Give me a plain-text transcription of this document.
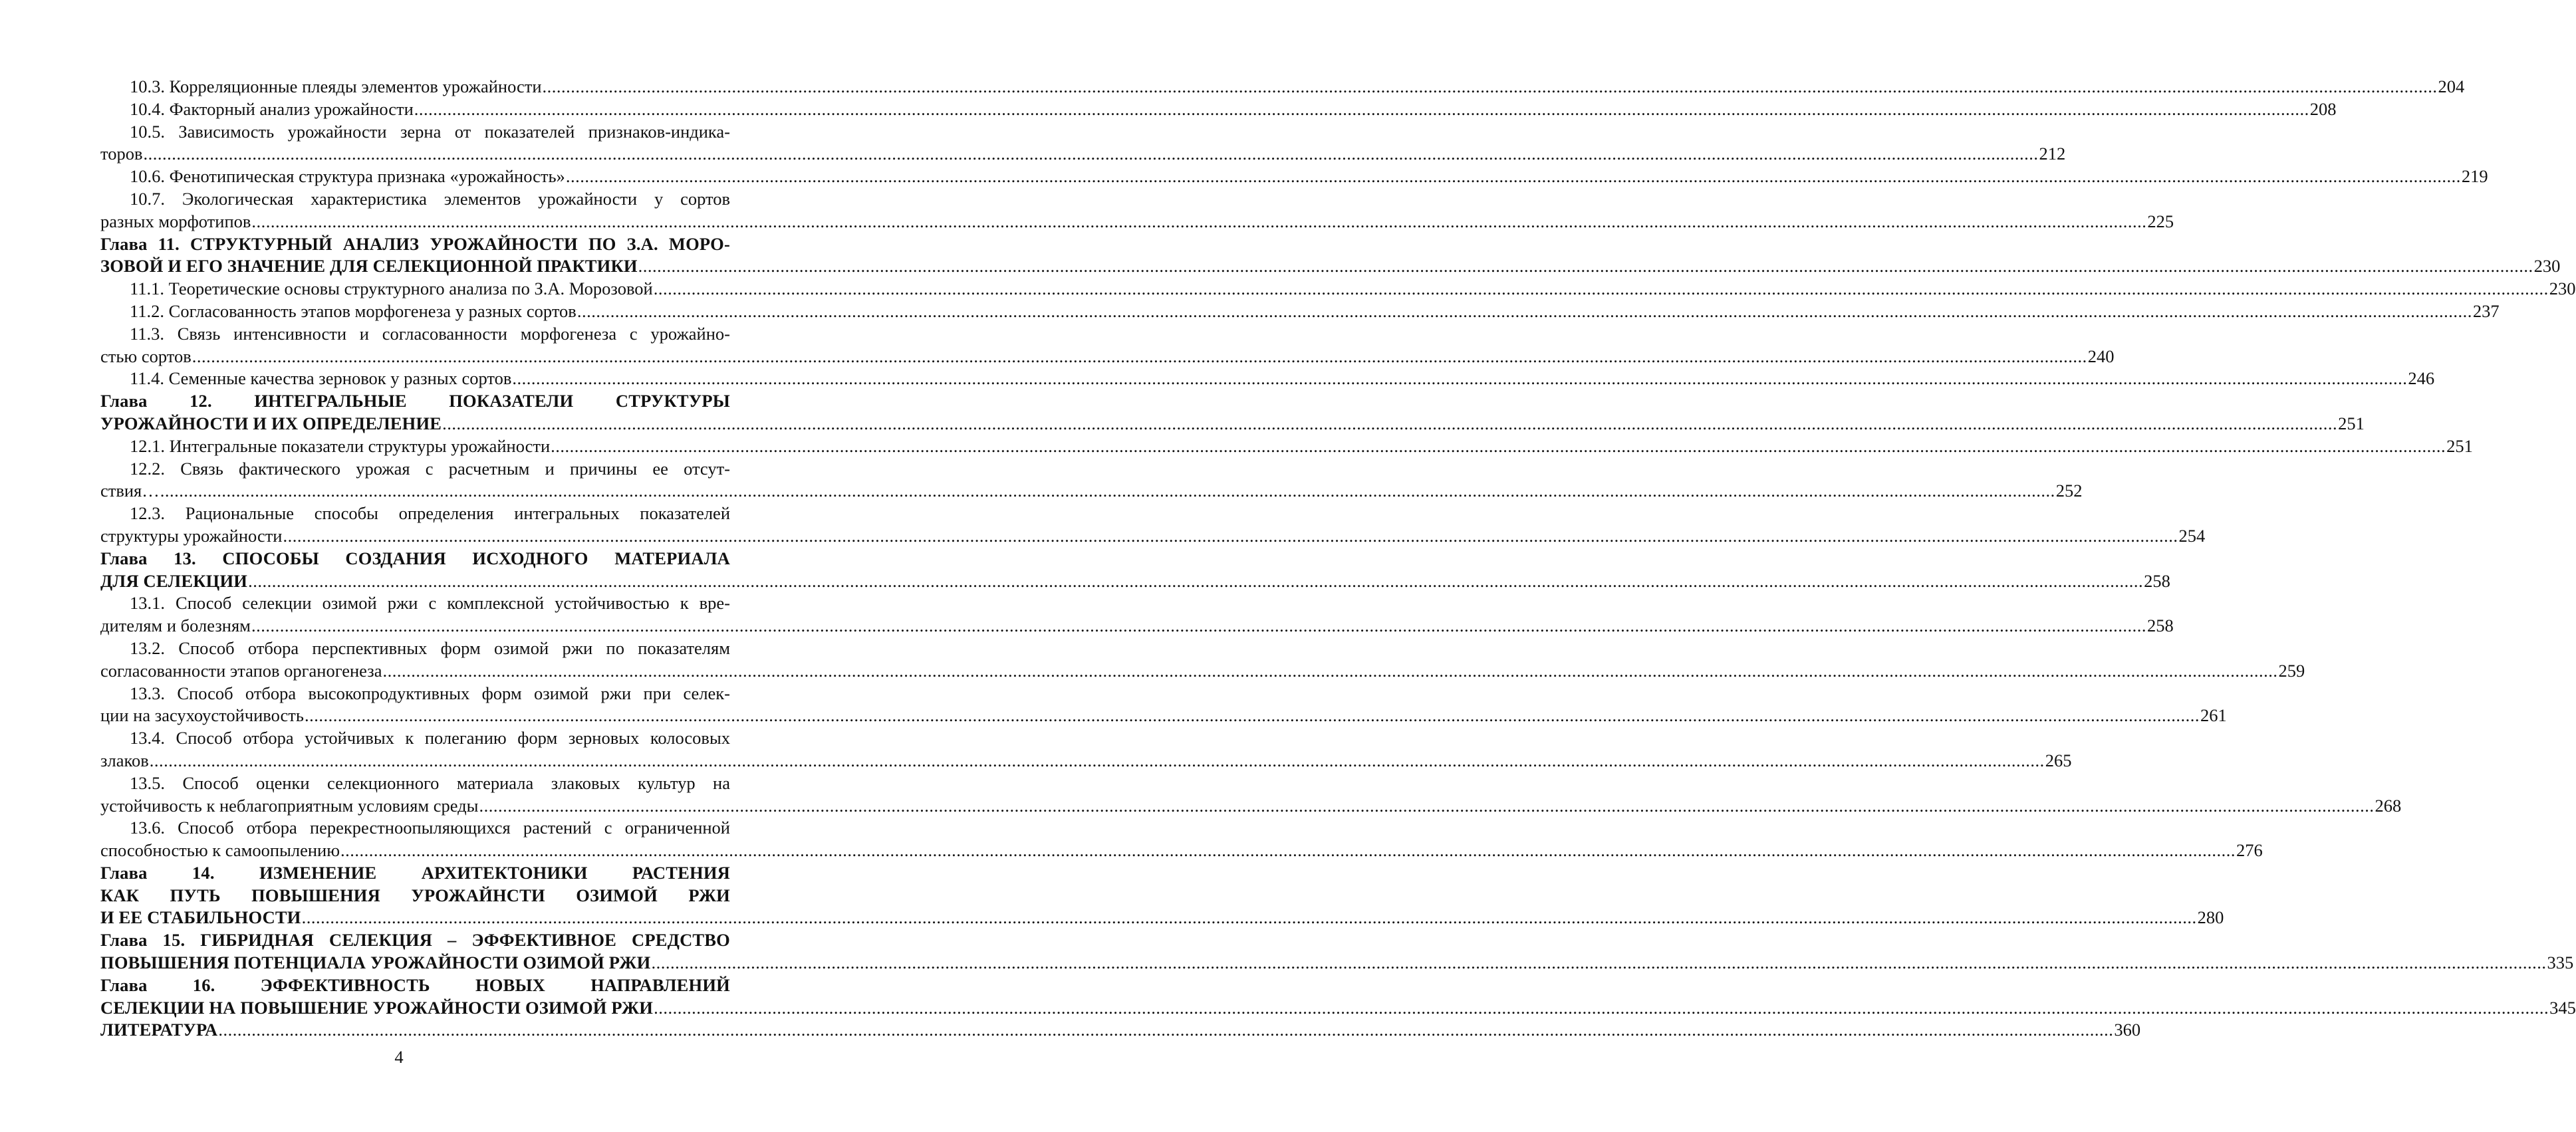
10.3. Корреляционные плеяды элементов урожайности ................................................................................................................................................................................................................................................................................................................................................................................................................ 204
10.4. Факторный анализ урожайности ................................................................................................................................................................................................................................................................................................................................................................................................................ 208
10.5. Зависимость урожайности зерна от показателей признаков-индика-
торов ................................................................................................................................................................................................................................................................................................................................................................................................................ 212
10.6. Фенотипическая структура признака «урожайность» ................................................................................................................................................................................................................................................................................................................................................................................................................ 219
10.7. Экологическая характеристика элементов урожайности у сортов
разных морфотипов ................................................................................................................................................................................................................................................................................................................................................................................................................ 225
Глава 11. СТРУКТУРНЫЙ АНАЛИЗ УРОЖАЙНОСТИ ПО З.А. МОРО-
ЗОВОЙ И ЕГО ЗНАЧЕНИЕ ДЛЯ СЕЛЕКЦИОННОЙ ПРАКТИКИ ................................................................................................................................................................................................................................................................................................................................................................................................................ 230
11.1. Теоретические основы структурного анализа по З.А. Морозовой ................................................................................................................................................................................................................................................................................................................................................................................................................ 230
11.2. Согласованность этапов морфогенеза у разных сортов ................................................................................................................................................................................................................................................................................................................................................................................................................ 237
11.3. Связь интенсивности и согласованности морфогенеза с урожайно-
стью сортов ................................................................................................................................................................................................................................................................................................................................................................................................................ 240
11.4. Семенные качества зерновок у разных сортов ................................................................................................................................................................................................................................................................................................................................................................................................................ 246
Глава 12. ИНТЕГРАЛЬНЫЕ ПОКАЗАТЕЛИ СТРУКТУРЫ
УРОЖАЙНОСТИ И ИХ ОПРЕДЕЛЕНИЕ ................................................................................................................................................................................................................................................................................................................................................................................................................ 251
12.1. Интегральные показатели структуры урожайности ................................................................................................................................................................................................................................................................................................................................................................................................................ 251
12.2. Связь фактического урожая с расчетным и причины ее отсут-
ствия… ................................................................................................................................................................................................................................................................................................................................................................................................................ 252
12.3. Рациональные способы определения интегральных показателей
структуры урожайности ................................................................................................................................................................................................................................................................................................................................................................................................................ 254
Глава 13. СПОСОБЫ СОЗДАНИЯ ИСХОДНОГО МАТЕРИАЛА
ДЛЯ СЕЛЕКЦИИ ................................................................................................................................................................................................................................................................................................................................................................................................................ 258
13.1. Способ селекции озимой ржи с комплексной устойчивостью к вре-
дителям и болезням ................................................................................................................................................................................................................................................................................................................................................................................................................ 258
13.2. Способ отбора перспективных форм озимой ржи по показателям
согласованности этапов органогенеза ................................................................................................................................................................................................................................................................................................................................................................................................................ 259
13.3. Способ отбора высокопродуктивных форм озимой ржи при селек-
ции на засухоустойчивость ................................................................................................................................................................................................................................................................................................................................................................................................................ 261
13.4. Способ отбора устойчивых к полеганию форм зерновых колосовых
злаков ................................................................................................................................................................................................................................................................................................................................................................................................................ 265
13.5. Способ оценки селекционного материала злаковых культур на
устойчивость к неблагоприятным условиям среды ................................................................................................................................................................................................................................................................................................................................................................................................................ 268
13.6. Способ отбора перекрестноопыляющихся растений с ограниченной
способностью к самоопылению ................................................................................................................................................................................................................................................................................................................................................................................................................ 276
Глава 14. ИЗМЕНЕНИЕ АРХИТЕКТОНИКИ РАСТЕНИЯ
КАК ПУТЬ ПОВЫШЕНИЯ УРОЖАЙНСТИ ОЗИМОЙ РЖИ
И ЕЕ СТАБИЛЬНОСТИ ................................................................................................................................................................................................................................................................................................................................................................................................................ 280
Глава 15. ГИБРИДНАЯ СЕЛЕКЦИЯ – ЭФФЕКТИВНОЕ СРЕДСТВО
ПОВЫШЕНИЯ ПОТЕНЦИАЛА УРОЖАЙНОСТИ ОЗИМОЙ РЖИ ................................................................................................................................................................................................................................................................................................................................................................................................................ 335
Глава 16. ЭФФЕКТИВНОСТЬ НОВЫХ НАПРАВЛЕНИЙ
СЕЛЕКЦИИ НА ПОВЫШЕНИЕ УРОЖАЙНОСТИ ОЗИМОЙ РЖИ ................................................................................................................................................................................................................................................................................................................................................................................................................ 345
ЛИТЕРАТУРА ................................................................................................................................................................................................................................................................................................................................................................................................................ 360
4
